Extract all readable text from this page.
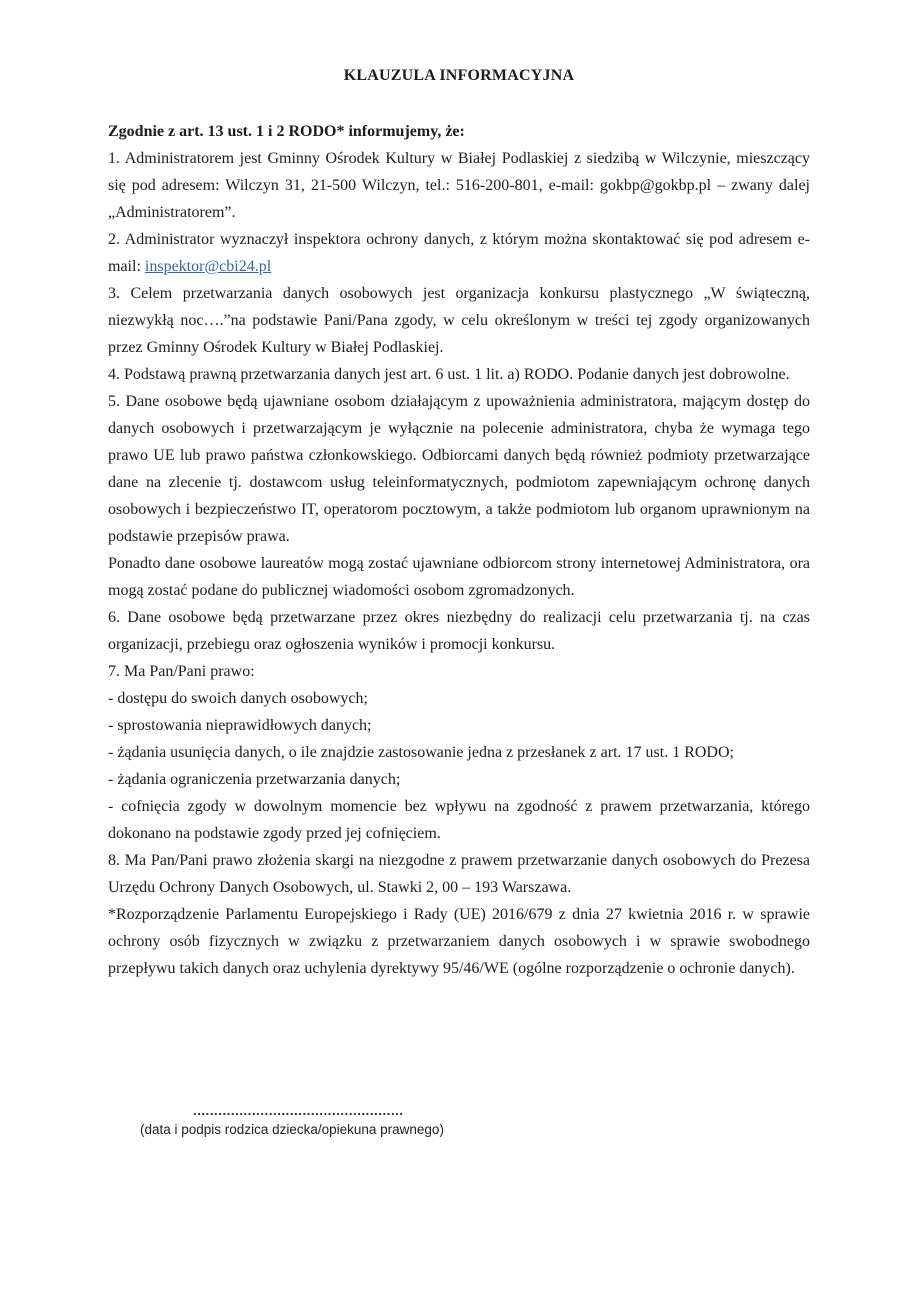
KLAUZULA INFORMACYJNA
Zgodnie z art. 13 ust. 1 i 2 RODO* informujemy, że:

1. Administratorem jest Gminny Ośrodek Kultury w Białej Podlaskiej z siedzibą w Wilczynie, mieszczący się pod adresem: Wilczyn 31, 21-500 Wilczyn, tel.: 516-200-801, e-mail: gokbp@gokbp.pl – zwany dalej „Administratorem”.

2. Administrator wyznaczył inspektora ochrony danych, z którym można skontaktować się pod adresem e-mail: inspektor@cbi24.pl

3. Celem przetwarzania danych osobowych jest organizacja konkursu plastycznego „W świąteczną, niezwykłą noc….”na podstawie Pani/Pana zgody, w celu określonym w treści tej zgody organizowanych przez Gminny Ośrodek Kultury w Białej Podlaskiej.

4. Podstawą prawną przetwarzania danych jest art. 6 ust. 1 lit. a) RODO. Podanie danych jest dobrowolne.

5. Dane osobowe będą ujawniane osobom działającym z upoważnienia administratora, mającym dostęp do danych osobowych i przetwarzającym je wyłącznie na polecenie administratora, chyba że wymaga tego prawo UE lub prawo państwa członkowskiego. Odbiorcami danych będą również podmioty przetwarzające dane na zlecenie tj. dostawcom usług teleinformatycznych, podmiotom zapewniającym ochronę danych osobowych i bezpieczeństwo IT, operatorom pocztowym, a także podmiotom lub organom uprawnionym na podstawie przepisów prawa.

Ponadto dane osobowe laureatów mogą zostać ujawniane odbiorcom strony internetowej Administratora, ora mogą zostać podane do publicznej wiadomości osobom zgromadzonych.

6. Dane osobowe będą przetwarzane przez okres niezbędny do realizacji celu przetwarzania tj. na czas organizacji, przebiegu oraz ogłoszenia wyników i promocji konkursu.

7. Ma Pan/Pani prawo:

- dostępu do swoich danych osobowych;

- sprostowania nieprawidłowych danych;

- żądania usunięcia danych, o ile znajdzie zastosowanie jedna z przesłanek z art. 17 ust. 1 RODO;

- żądania ograniczenia przetwarzania danych;

- cofnięcia zgody w dowolnym momencie bez wpływu na zgodność z prawem przetwarzania, którego dokonano na podstawie zgody przed jej cofnięciem.

8. Ma Pan/Pani prawo złożenia skargi na niezgodne z prawem przetwarzanie danych osobowych do Prezesa Urzędu Ochrony Danych Osobowych, ul. Stawki 2, 00 – 193 Warszawa.

*Rozporządzenie Parlamentu Europejskiego i Rady (UE) 2016/679 z dnia 27 kwietnia 2016 r. w sprawie ochrony osób fizycznych w związku z przetwarzaniem danych osobowych i w sprawie swobodnego przepływu takich danych oraz uchylenia dyrektywy 95/46/WE (ogólne rozporządzenie o ochronie danych).

..................................................
(data i podpis rodzica dziecka/opiekuna prawnego)
